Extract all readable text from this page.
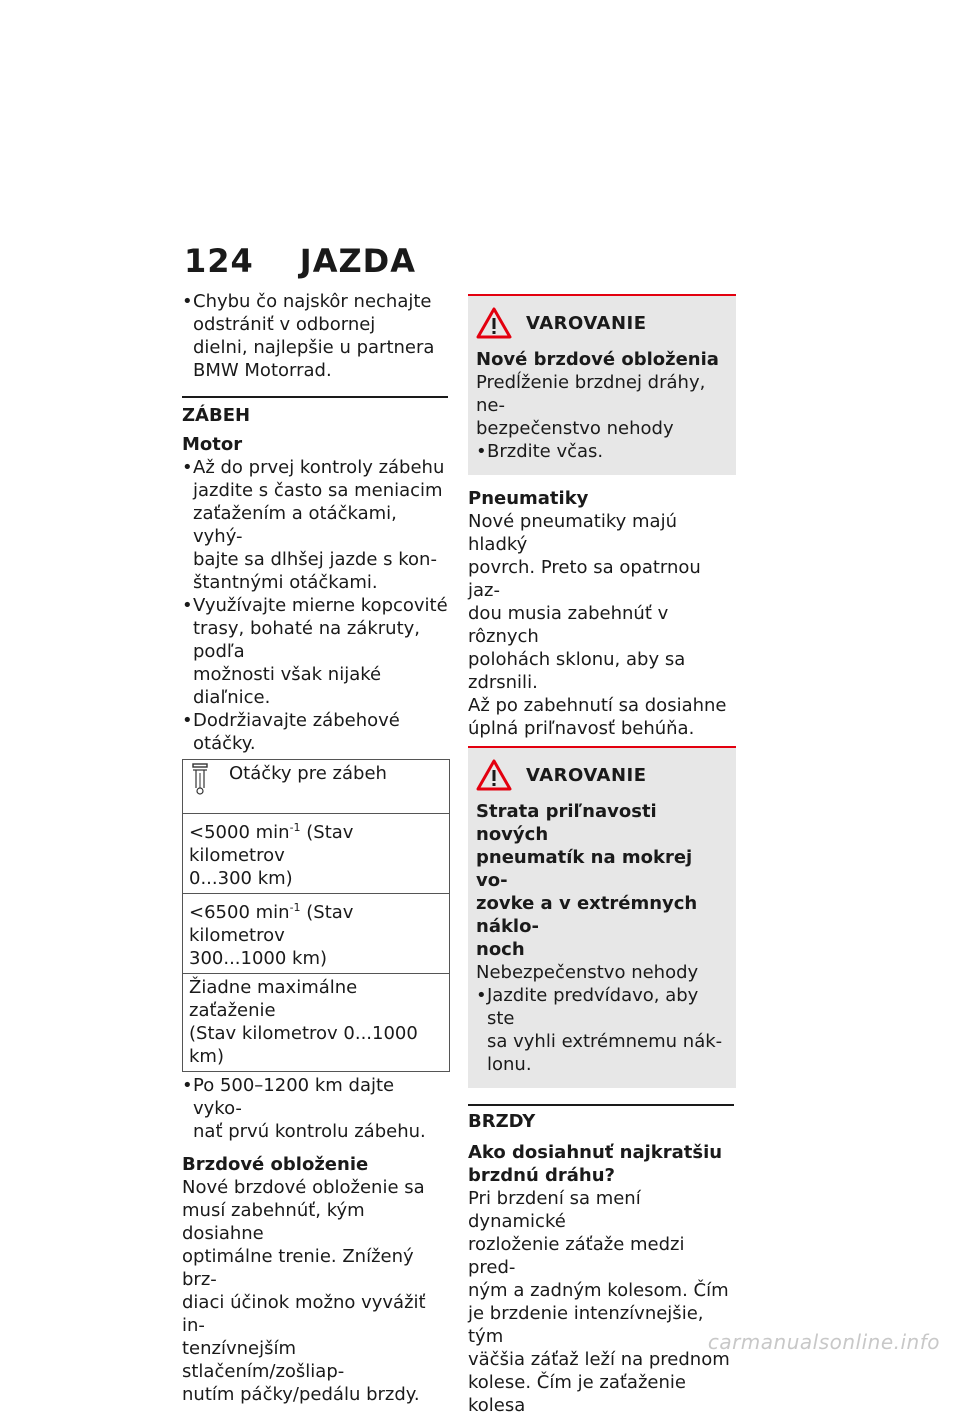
124 JAZDA
• Chybu čo najskôr nechajte
odstrániť v odbornej
dielni, najlepšie u partnera
BMW Motorrad.
ZÁBEH
Motor
• Až do prvej kontroly zábehu
jazdite s často sa meniacim
zaťažením a otáčkami, vyhý-
bajte sa dlhšej jazde s kon-
štantnými otáčkami.
• Využívajte mierne kopcovité
trasy, bohaté na zákruty, podľa
možnosti však nijaké diaľnice.
• Dodržiavajte zábehové otáčky.
	Otáčky pre zábeh
<5000 $\min^{-1}$ (Stav kilometrov
0...300 km)
<6500 $\min^{-1}$ (Stav kilometrov
300...1000 km)
Žiadne maximálne zaťaženie
(Stav kilometrov 0...1000 km)
• Po 500–1200 km dajte vyko-
nať prvú kontrolu zábehu.
Brzdové obloženie
Nové brzdové obloženie sa
musí zabehnúť, kým dosiahne
optimálne trenie. Znížený brz-
diaci účinok možno vyvážiť in-
tenzívnejším stlačením/zošliap-
nutím páčky/pedálu brzdy.
VAROVANIE
Nové brzdové obloženia
Predĺženie brzdnej dráhy, ne-
bezpečenstvo nehody
• Brzdite včas.
Pneumatiky
Nové pneumatiky majú hladký
povrch. Preto sa opatrnou jaz-
dou musia zabehnúť v rôznych
polohách sklonu, aby sa zdrsnili.
Až po zabehnutí sa dosiahne
úplná priľnavosť behúňa.
VAROVANIE
Strata priľnavosti nových
pneumatík na mokrej vo-
zovke a v extrémnych náklo-
noch
Nebezpečenstvo nehody
• Jazdite predvídavo, aby ste
sa vyhli extrémnemu nák-
lonu.
BRZDY
Ako dosiahnuť najkratšiu
brzdnú dráhu?
Pri brzdení sa mení dynamické
rozloženie záťaže medzi pred-
ným a zadným kolesom. Čím
je brzdenie intenzívnejšie, tým
väčšia záťaž leží na prednom
kolese. Čím je zaťaženie kolesa
carmanualsonline.info
